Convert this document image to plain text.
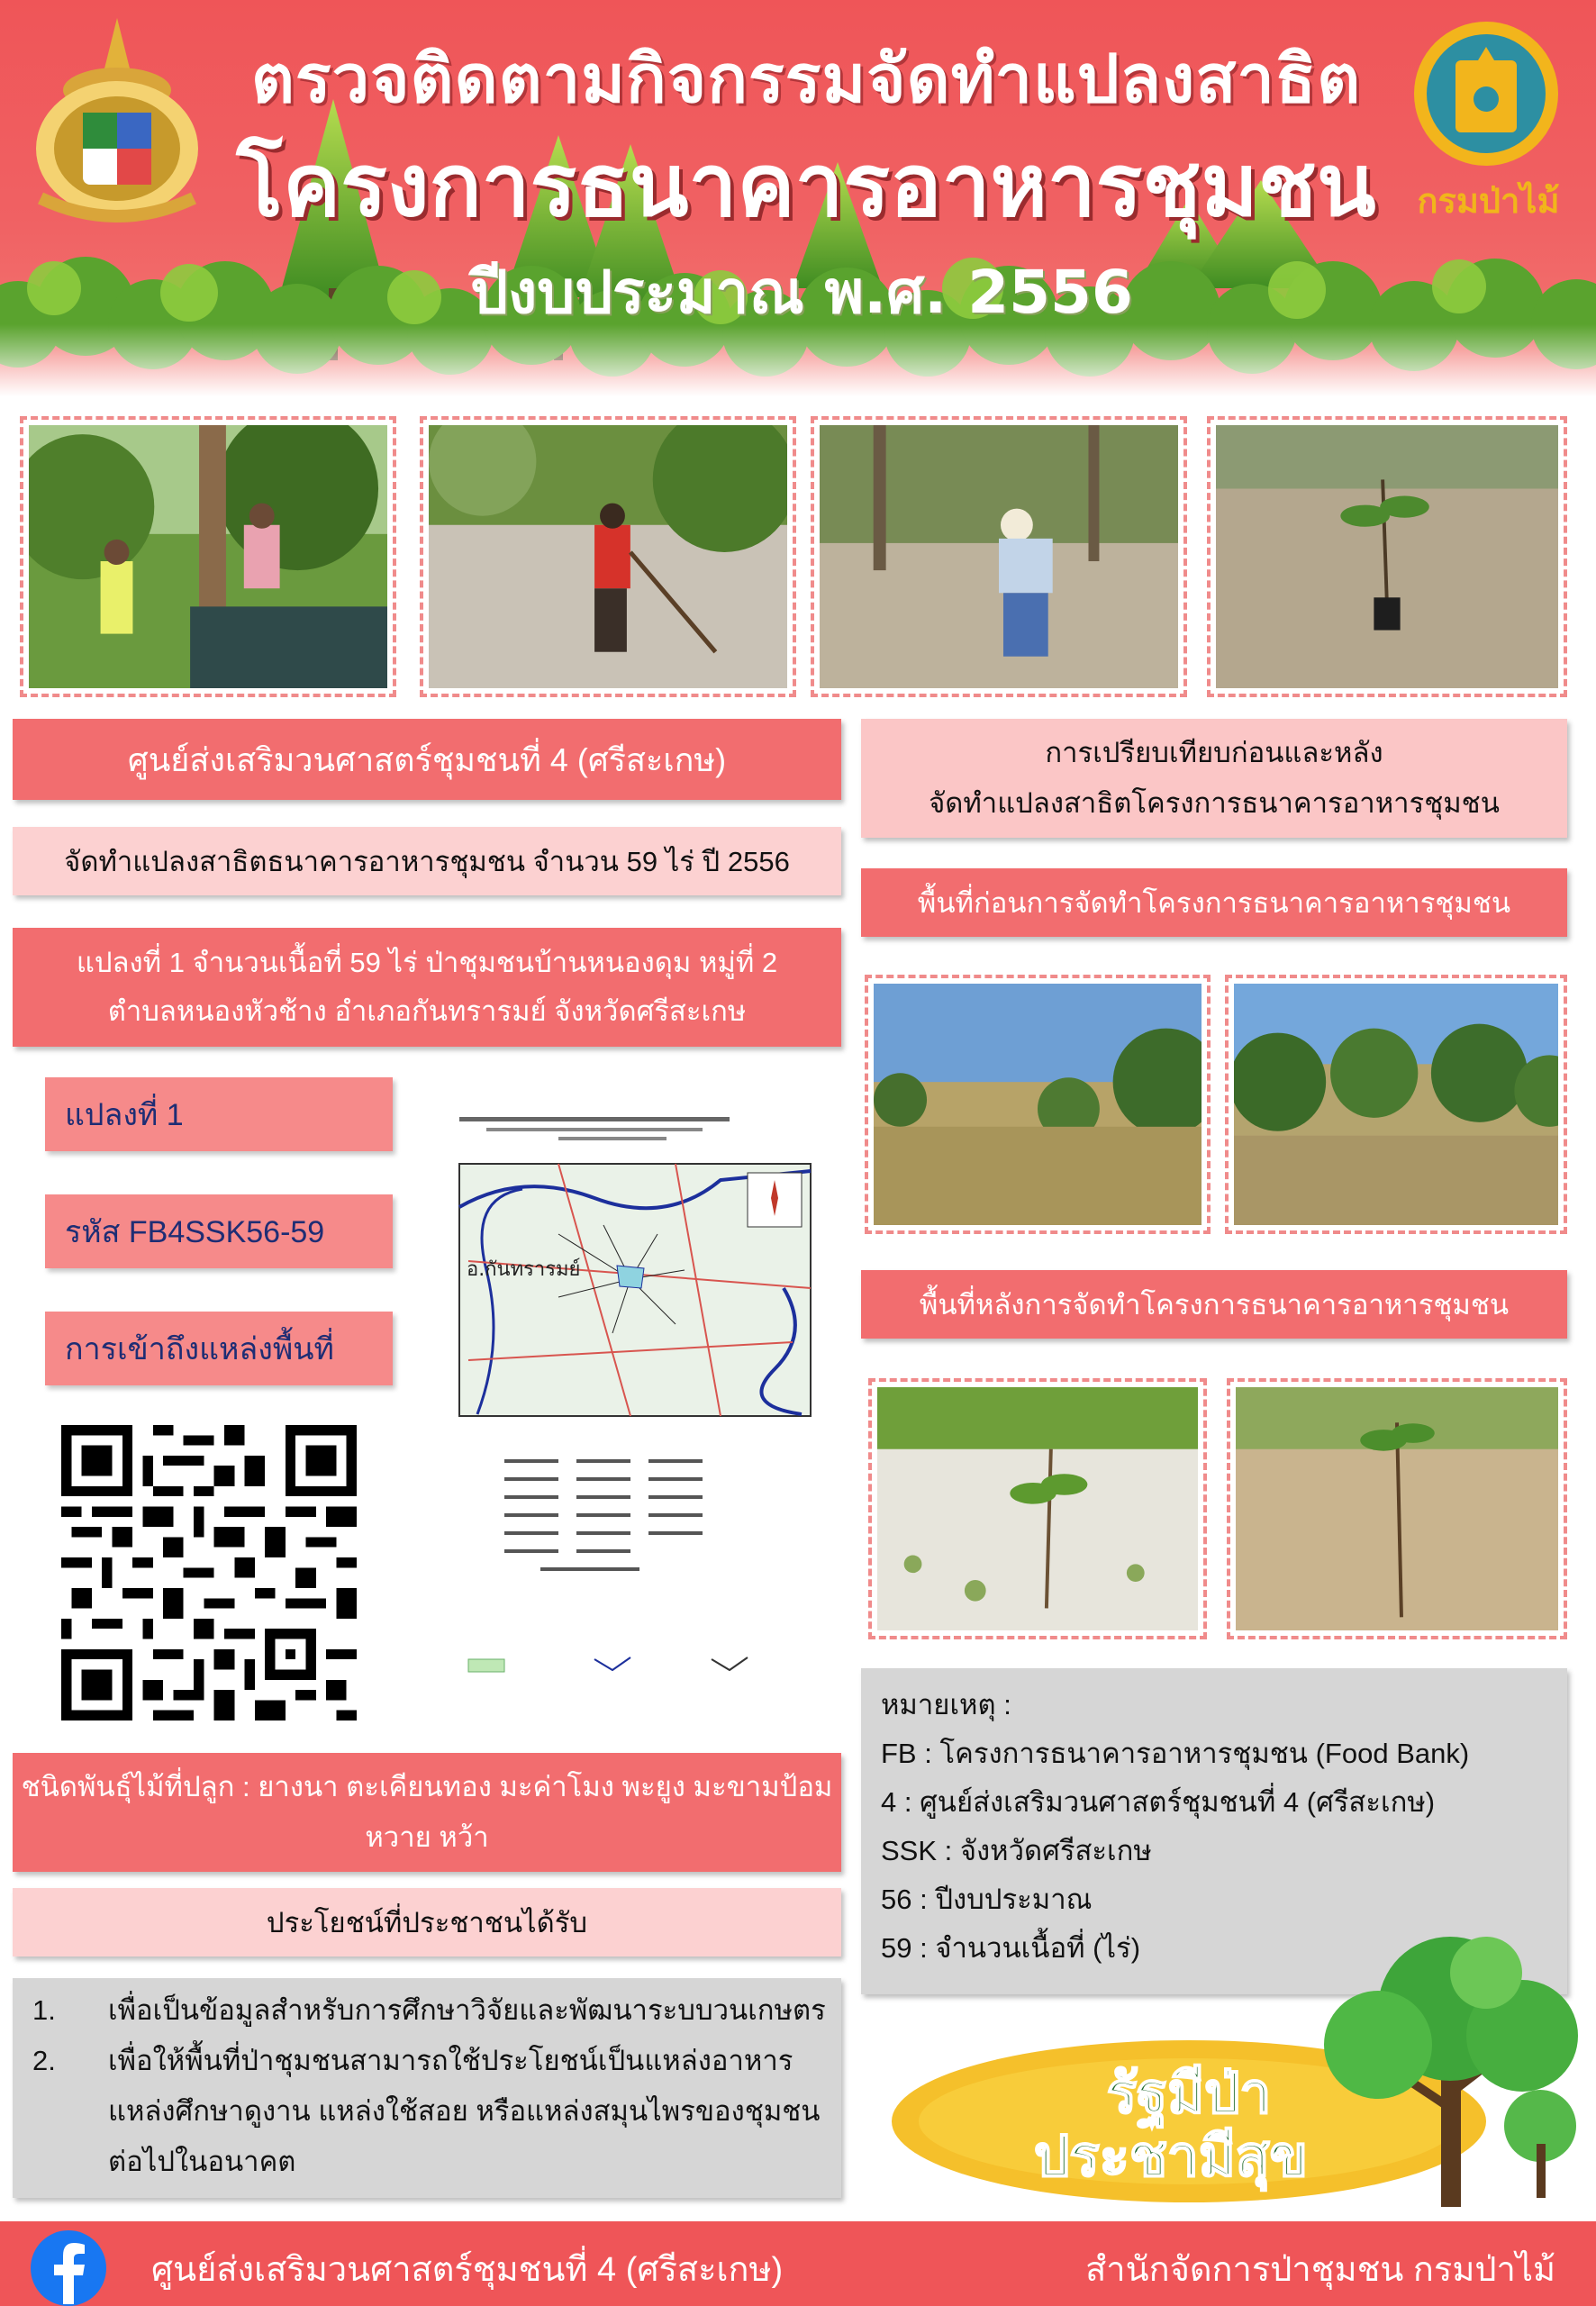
ตรวจติดตามกิจกรรมจัดทำแปลงสาธิต
โครงการธนาคารอาหารชุมชน
ปีงบประมาณ พ.ศ. 2556
กรมป่าไม้
ศูนย์ส่งเสริมวนศาสตร์ชุมชนที่ 4 (ศรีสะเกษ)
จัดทำแปลงสาธิตธนาคารอาหารชุมชน จำนวน 59 ไร่ ปี 2556
แปลงที่ 1 จำนวนเนื้อที่ 59 ไร่ ป่าชุมชนบ้านหนองดุม หมู่ที่ 2
ตำบลหนองหัวช้าง อำเภอกันทรารมย์ จังหวัดศรีสะเกษ
แปลงที่ 1
รหัส FB4SSK56-59
การเข้าถึงแหล่งพื้นที่
อ.กันทรารมย์
ชนิดพันธุ์ไม้ที่ปลูก : ยางนา ตะเคียนทอง มะค่าโมง พะยูง มะขามป้อม
หวาย หว้า
ประโยชน์ที่ประชาชนได้รับ
1.	เพื่อเป็นข้อมูลสำหรับการศึกษาวิจัยและพัฒนาระบบวนเกษตร
2.	เพื่อให้พื้นที่ป่าชุมชนสามารถใช้ประโยชน์เป็นแหล่งอาหาร
แหล่งศึกษาดูงาน แหล่งใช้สอย หรือแหล่งสมุนไพรของชุมชน
ต่อไปในอนาคต
การเปรียบเทียบก่อนและหลัง
จัดทำแปลงสาธิตโครงการธนาคารอาหารชุมชน
พื้นที่ก่อนการจัดทำโครงการธนาคารอาหารชุมชน
พื้นที่หลังการจัดทำโครงการธนาคารอาหารชุมชน
หมายเหตุ :
FB : โครงการธนาคารอาหารชุมชน (Food Bank)
4 : ศูนย์ส่งเสริมวนศาสตร์ชุมชนที่ 4 (ศรีสะเกษ)
SSK : จังหวัดศรีสะเกษ
56 : ปีงบประมาณ
59 : จำนวนเนื้อที่ (ไร่)
รัฐมีป่า
ประชามีสุข
ศูนย์ส่งเสริมวนศาสตร์ชุมชนที่ 4 (ศรีสะเกษ)	สำนักจัดการป่าชุมชน กรมป่าไม้
